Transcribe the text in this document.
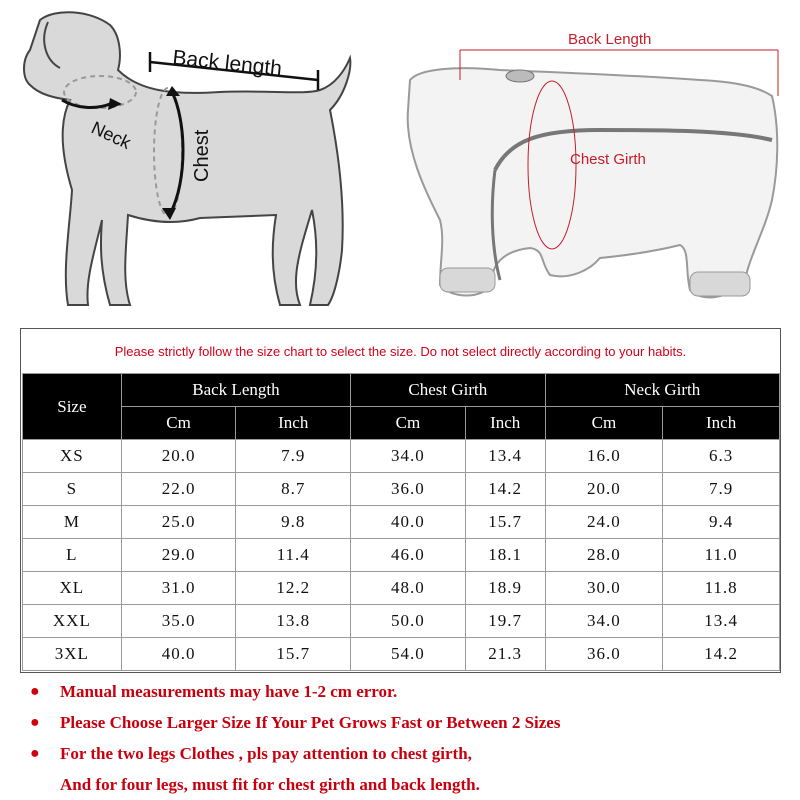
Neck
Back length
Chest
Back Length
Chest Girth
Please strictly follow the size chart to select the size. Do not select directly according to your habits.
Size	Back Length		Chest Girth		Neck Girth	
	Cm	Inch	Cm	Inch	Cm	Inch
XS	20.0	7.9	34.0	13.4	16.0	6.3
S	22.0	8.7	36.0	14.2	20.0	7.9
M	25.0	9.8	40.0	15.7	24.0	9.4
L	29.0	11.4	46.0	18.1	28.0	11.0
XL	31.0	12.2	48.0	18.9	30.0	11.8
XXL	35.0	13.8	50.0	19.7	34.0	13.4
3XL	40.0	15.7	54.0	21.3	36.0	14.2
●	Manual measurements may have 1-2 cm error.
●	Please Choose Larger Size If Your Pet Grows Fast or Between 2 Sizes
●	For the two legs Clothes , pls pay attention to chest girth,
And for four legs, must fit for chest girth and back length.
